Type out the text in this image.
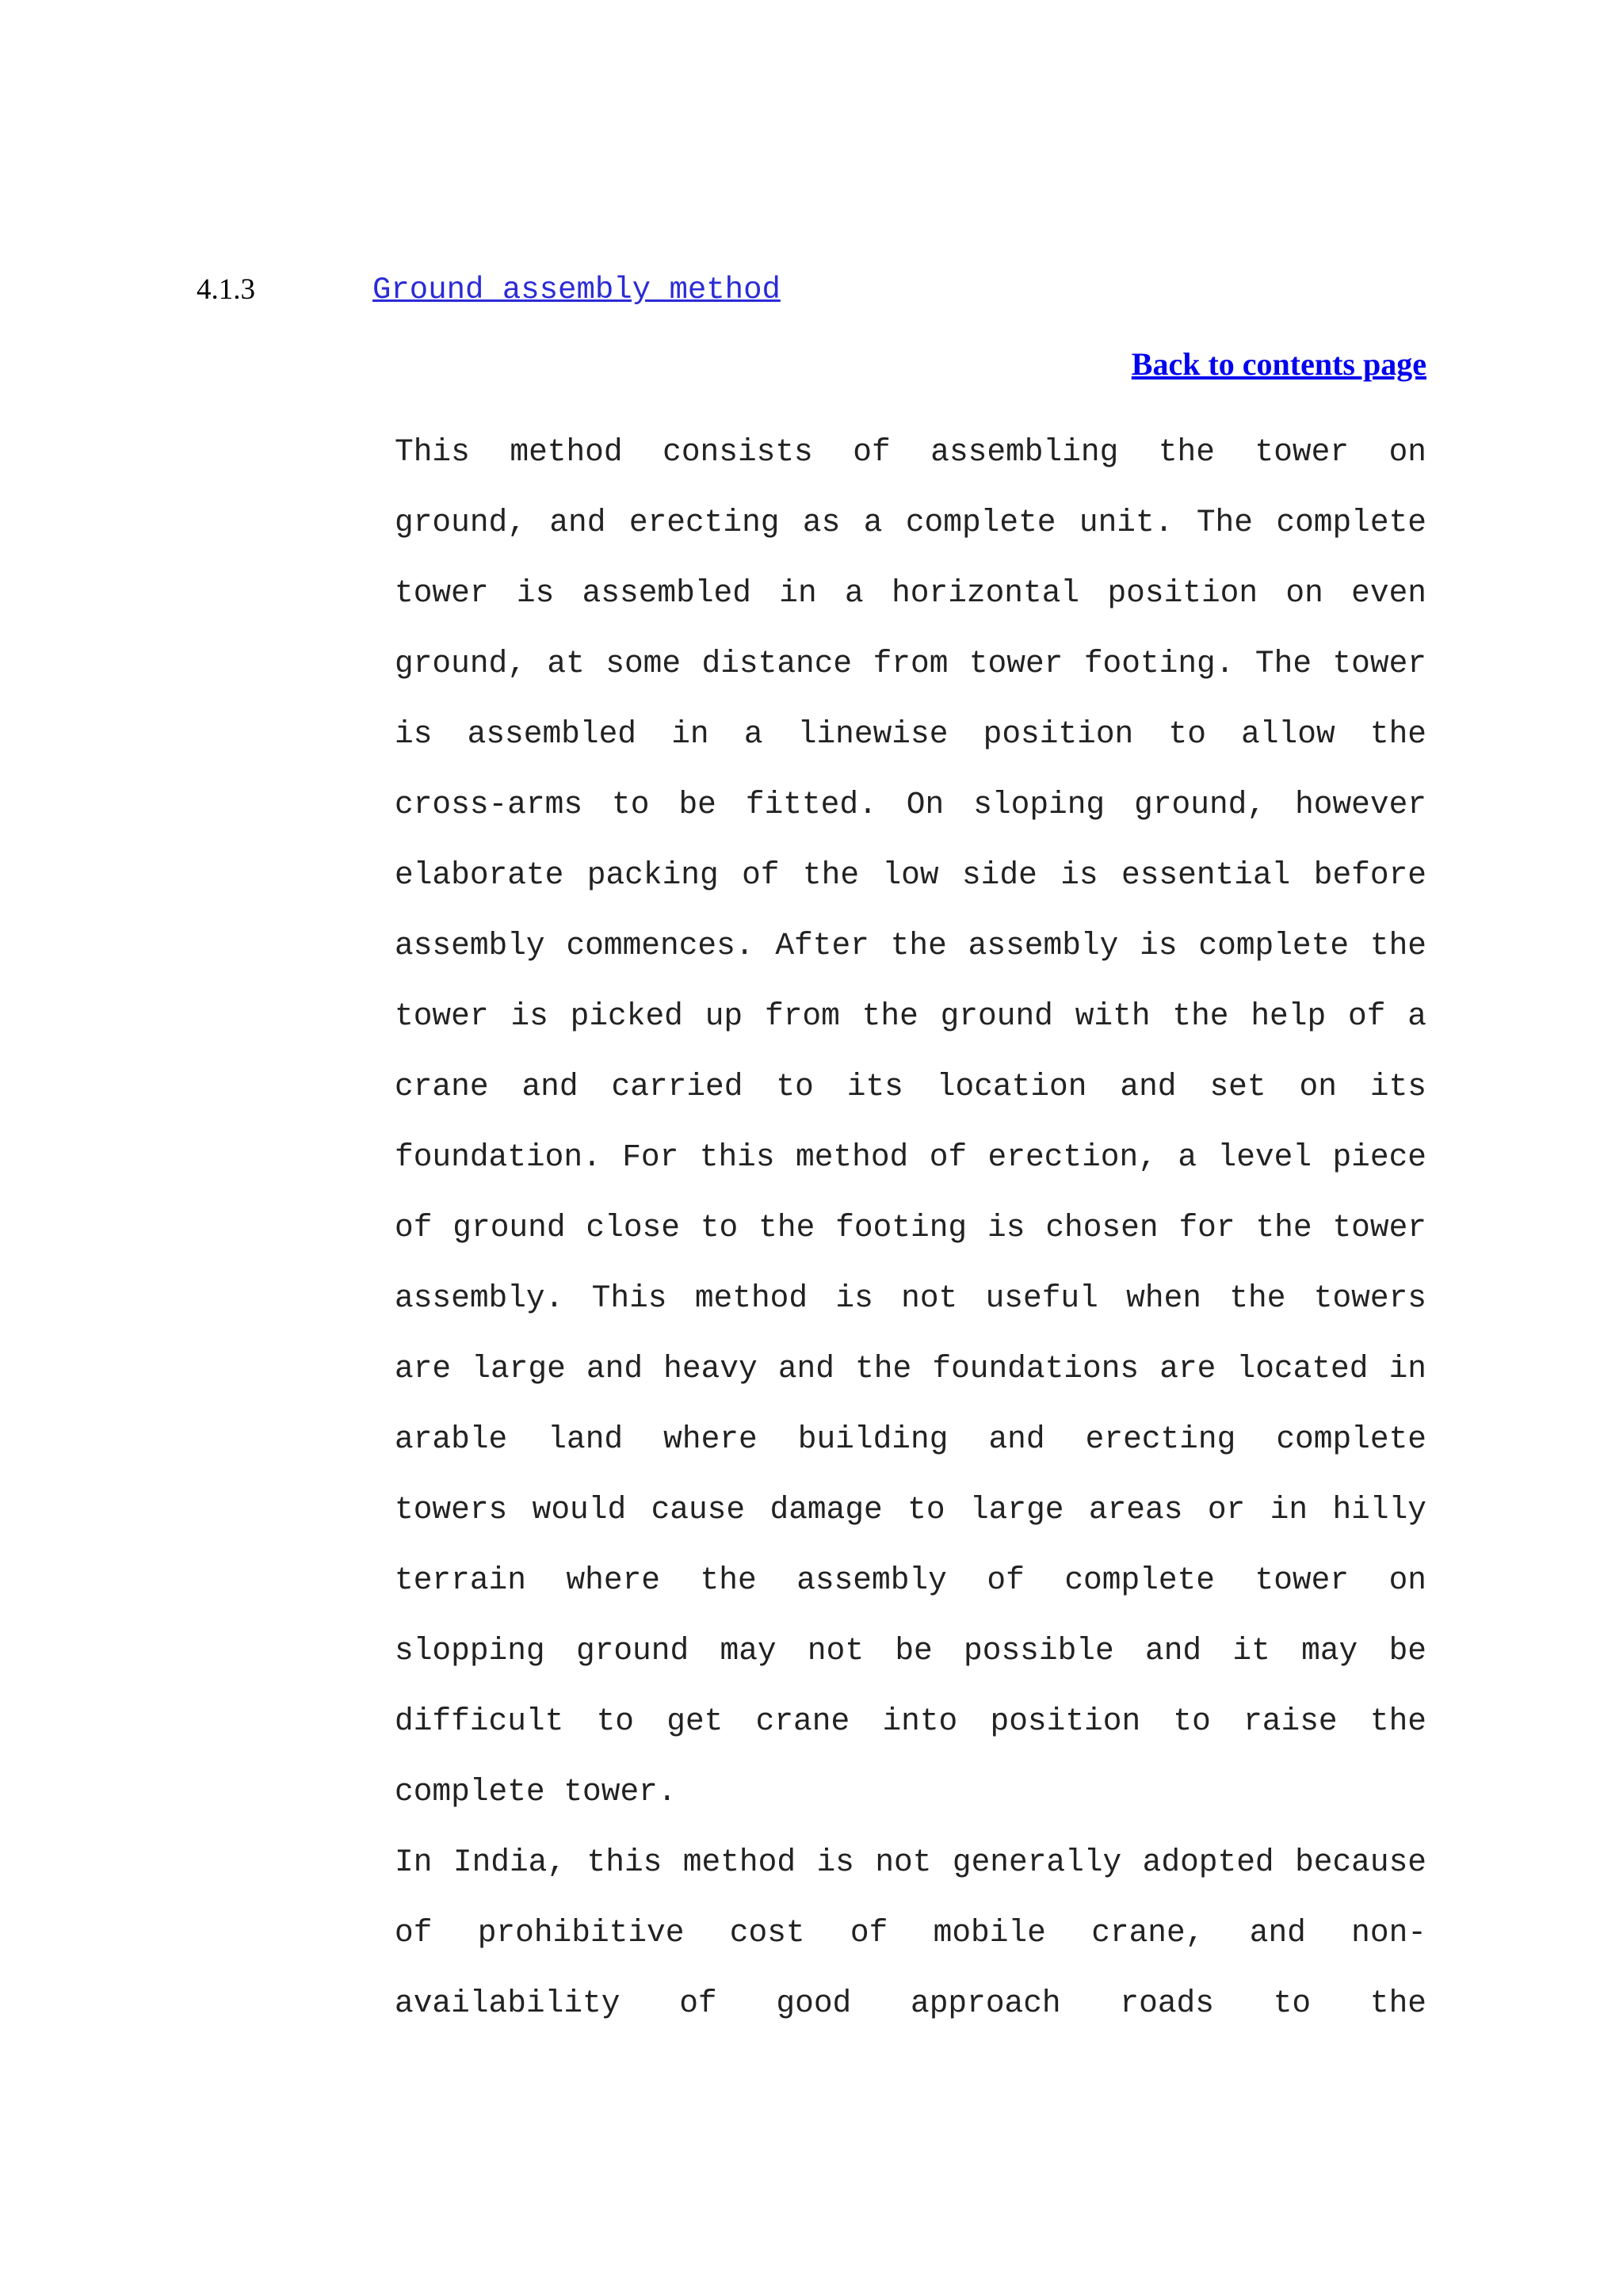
4.1.3	Ground assembly method
Back to contents page

This method consists of assembling the tower on ground, and erecting as a complete unit. The complete tower is assembled in a horizontal position on even ground, at some distance from tower footing. The tower is assembled in a linewise position to allow the cross-arms to be fitted. On sloping ground, however elaborate packing of the low side is essential before assembly commences. After the assembly is complete the tower is picked up from the ground with the help of a crane and carried to its location and set on its foundation. For this method of erection, a level piece of ground close to the footing is chosen for the tower assembly. This method is not useful when the towers are large and heavy and the foundations are located in arable land where building and erecting complete towers would cause damage to large areas or in hilly terrain where the assembly of complete tower on slopping ground may not be possible and it may be difficult to get crane into position to raise the complete tower.

In India, this method is not generally adopted because of prohibitive cost of mobile crane, and non-availability of good approach roads to the
